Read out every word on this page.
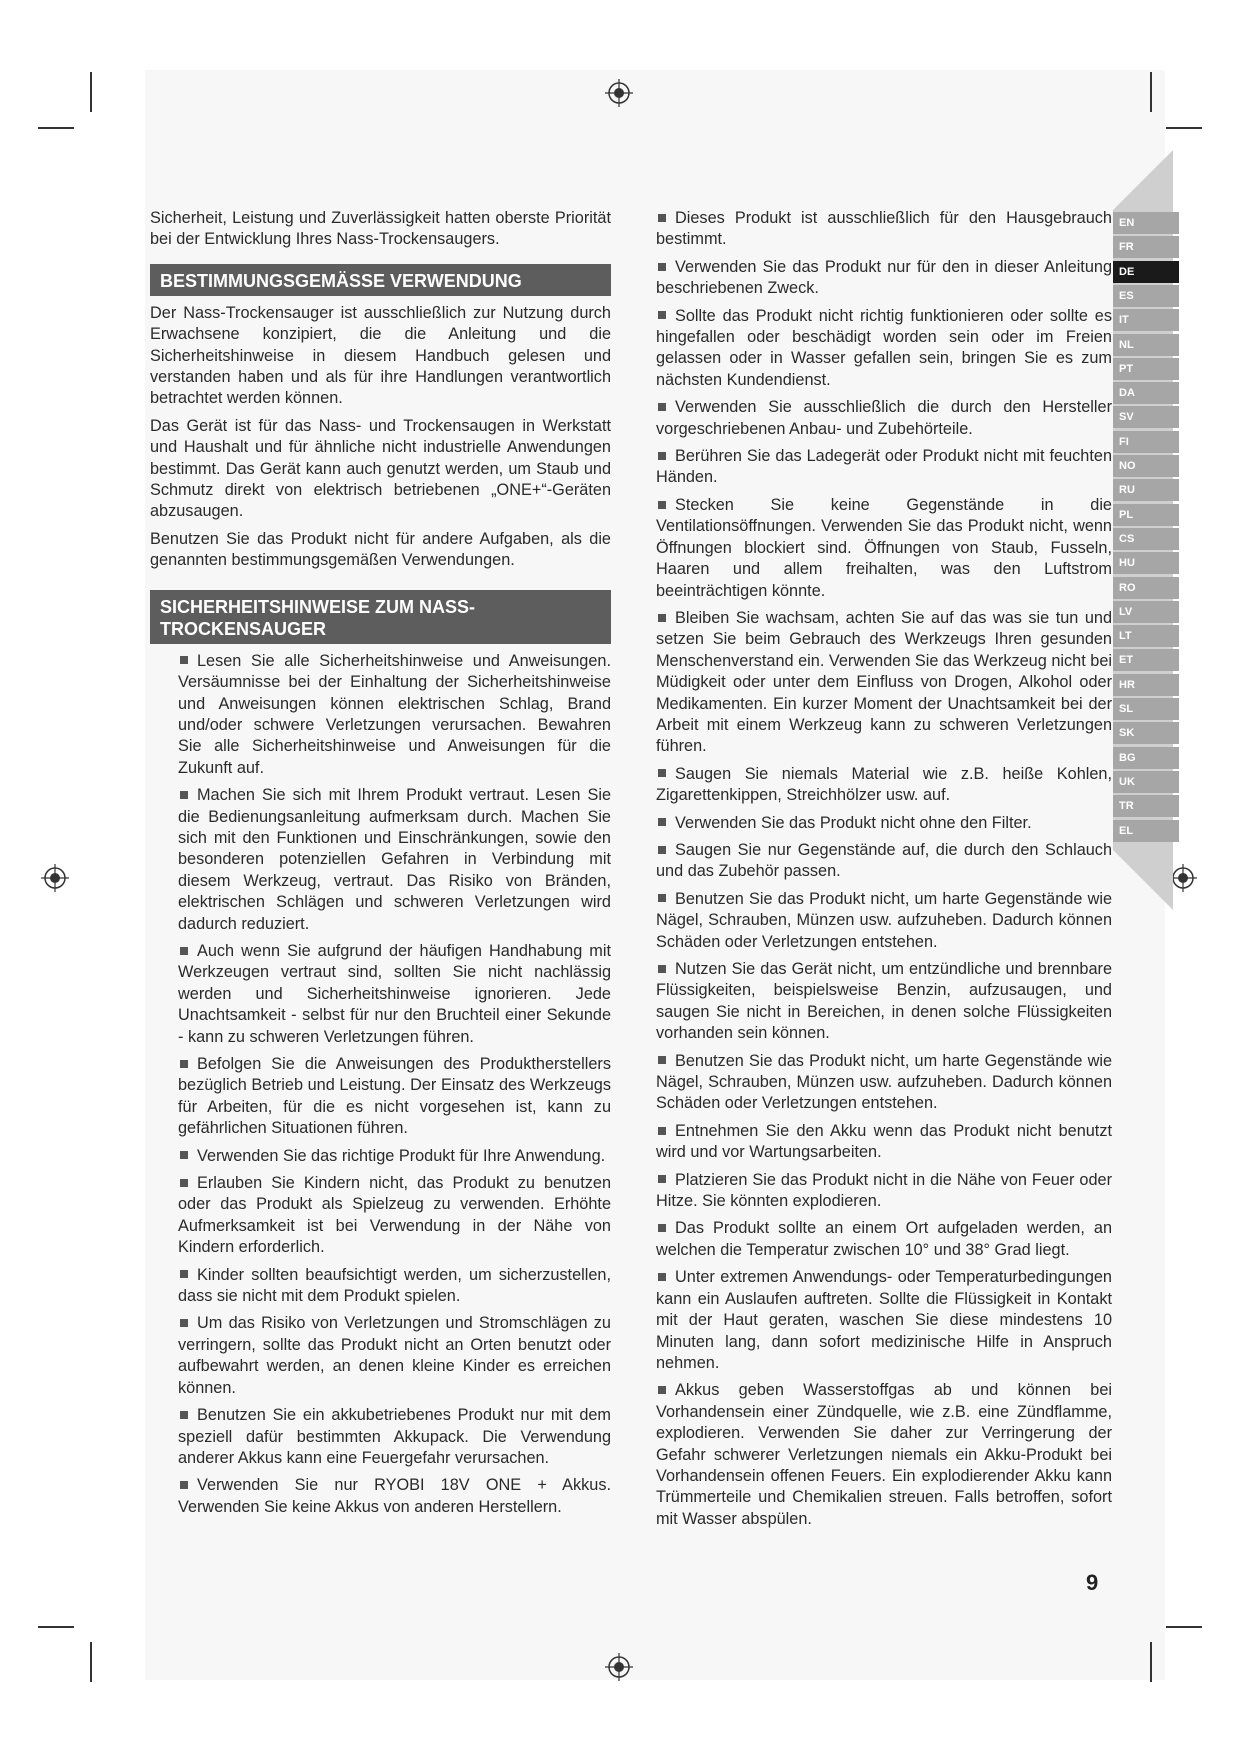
EN
FR
DE
ES
IT
NL
PT
DA
SV
FI
NO
RU
PL
CS
HU
RO
LV
LT
ET
HR
SL
SK
BG
UK
TR
EL

Sicherheit, Leistung und Zuverlässigkeit hatten oberste Priorität bei der Entwicklung Ihres Nass-Trockensaugers.

BESTIMMUNGSGEMÄSSE VERWENDUNG

Der Nass-Trockensauger ist ausschließlich zur Nutzung durch Erwachsene konzipiert, die die Anleitung und die Sicherheitshinweise in diesem Handbuch gelesen und verstanden haben und als für ihre Handlungen verantwortlich betrachtet werden können.

Das Gerät ist für das Nass- und Trockensaugen in Werkstatt und Haushalt und für ähnliche nicht industrielle Anwendungen bestimmt. Das Gerät kann auch genutzt werden, um Staub und Schmutz direkt von elektrisch betriebenen „ONE+“-Geräten abzusaugen.

Benutzen Sie das Produkt nicht für andere Aufgaben, als die genannten bestimmungsgemäßen Verwendungen.

SICHERHEITSHINWEISE ZUM NASS-
TROCKENSAUGER
Lesen Sie alle Sicherheitshinweise und Anweisungen. Versäumnisse bei der Einhaltung der Sicherheitshinweise und Anweisungen können elektrischen Schlag, Brand und/oder schwere Verletzungen verursachen. Bewahren Sie alle Sicherheitshinweise und Anweisungen für die Zukunft auf.
Machen Sie sich mit Ihrem Produkt vertraut. Lesen Sie die Bedienungsanleitung aufmerksam durch. Machen Sie sich mit den Funktionen und Einschränkungen, sowie den besonderen potenziellen Gefahren in Verbindung mit diesem Werkzeug, vertraut. Das Risiko von Bränden, elektrischen Schlägen und schweren Verletzungen wird dadurch reduziert.
Auch wenn Sie aufgrund der häufigen Handhabung mit Werkzeugen vertraut sind, sollten Sie nicht nachlässig werden und Sicherheitshinweise ignorieren. Jede Unachtsamkeit - selbst für nur den Bruchteil einer Sekunde - kann zu schweren Verletzungen führen.
Befolgen Sie die Anweisungen des Produktherstellers bezüglich Betrieb und Leistung. Der Einsatz des Werkzeugs für Arbeiten, für die es nicht vorgesehen ist, kann zu gefährlichen Situationen führen.
Verwenden Sie das richtige Produkt für Ihre Anwendung.
Erlauben Sie Kindern nicht, das Produkt zu benutzen oder das Produkt als Spielzeug zu verwenden. Erhöhte Aufmerksamkeit ist bei Verwendung in der Nähe von Kindern erforderlich.
Kinder sollten beaufsichtigt werden, um sicherzustellen, dass sie nicht mit dem Produkt spielen.
Um das Risiko von Verletzungen und Stromschlägen zu verringern, sollte das Produkt nicht an Orten benutzt oder aufbewahrt werden, an denen kleine Kinder es erreichen können.
Benutzen Sie ein akkubetriebenes Produkt nur mit dem speziell dafür bestimmten Akkupack. Die Verwendung anderer Akkus kann eine Feuergefahr verursachen.
Verwenden Sie nur RYOBI 18V ONE + Akkus. Verwenden Sie keine Akkus von anderen Herstellern.
Dieses Produkt ist ausschließlich für den Hausgebrauch bestimmt.
Verwenden Sie das Produkt nur für den in dieser Anleitung beschriebenen Zweck.
Sollte das Produkt nicht richtig funktionieren oder sollte es hingefallen oder beschädigt worden sein oder im Freien gelassen oder in Wasser gefallen sein, bringen Sie es zum nächsten Kundendienst.
Verwenden Sie ausschließlich die durch den Hersteller vorgeschriebenen Anbau- und Zubehörteile.
Berühren Sie das Ladegerät oder Produkt nicht mit feuchten Händen.
Stecken Sie keine Gegenstände in die Ventilationsöffnungen. Verwenden Sie das Produkt nicht, wenn Öffnungen blockiert sind. Öffnungen von Staub, Fusseln, Haaren und allem freihalten, was den Luftstrom beeinträchtigen könnte.
Bleiben Sie wachsam, achten Sie auf das was sie tun und setzen Sie beim Gebrauch des Werkzeugs Ihren gesunden Menschenverstand ein. Verwenden Sie das Werkzeug nicht bei Müdigkeit oder unter dem Einfluss von Drogen, Alkohol oder Medikamenten. Ein kurzer Moment der Unachtsamkeit bei der Arbeit mit einem Werkzeug kann zu schweren Verletzungen führen.
Saugen Sie niemals Material wie z.B. heiße Kohlen, Zigarettenkippen, Streichhölzer usw. auf.
Verwenden Sie das Produkt nicht ohne den Filter.
Saugen Sie nur Gegenstände auf, die durch den Schlauch und das Zubehör passen.
Benutzen Sie das Produkt nicht, um harte Gegenstände wie Nägel, Schrauben, Münzen usw. aufzuheben. Dadurch können Schäden oder Verletzungen entstehen.
Nutzen Sie das Gerät nicht, um entzündliche und brennbare Flüssigkeiten, beispielsweise Benzin, aufzusaugen, und saugen Sie nicht in Bereichen, in denen solche Flüssigkeiten vorhanden sein können.
Benutzen Sie das Produkt nicht, um harte Gegenstände wie Nägel, Schrauben, Münzen usw. aufzuheben. Dadurch können Schäden oder Verletzungen entstehen.
Entnehmen Sie den Akku wenn das Produkt nicht benutzt wird und vor Wartungsarbeiten.
Platzieren Sie das Produkt nicht in die Nähe von Feuer oder Hitze. Sie könnten explodieren.
Das Produkt sollte an einem Ort aufgeladen werden, an welchen die Temperatur zwischen 10° und 38° Grad liegt.
Unter extremen Anwendungs- oder Temperaturbedingungen kann ein Auslaufen auftreten. Sollte die Flüssigkeit in Kontakt mit der Haut geraten, waschen Sie diese mindestens 10 Minuten lang, dann sofort medizinische Hilfe in Anspruch nehmen.
Akkus geben Wasserstoffgas ab und können bei Vorhandensein einer Zündquelle, wie z.B. eine Zündflamme, explodieren. Verwenden Sie daher zur Verringerung der Gefahr schwerer Verletzungen niemals ein Akku-Produkt bei Vorhandensein offenen Feuers. Ein explodierender Akku kann Trümmerteile und Chemikalien streuen. Falls betroffen, sofort mit Wasser abspülen.
9
